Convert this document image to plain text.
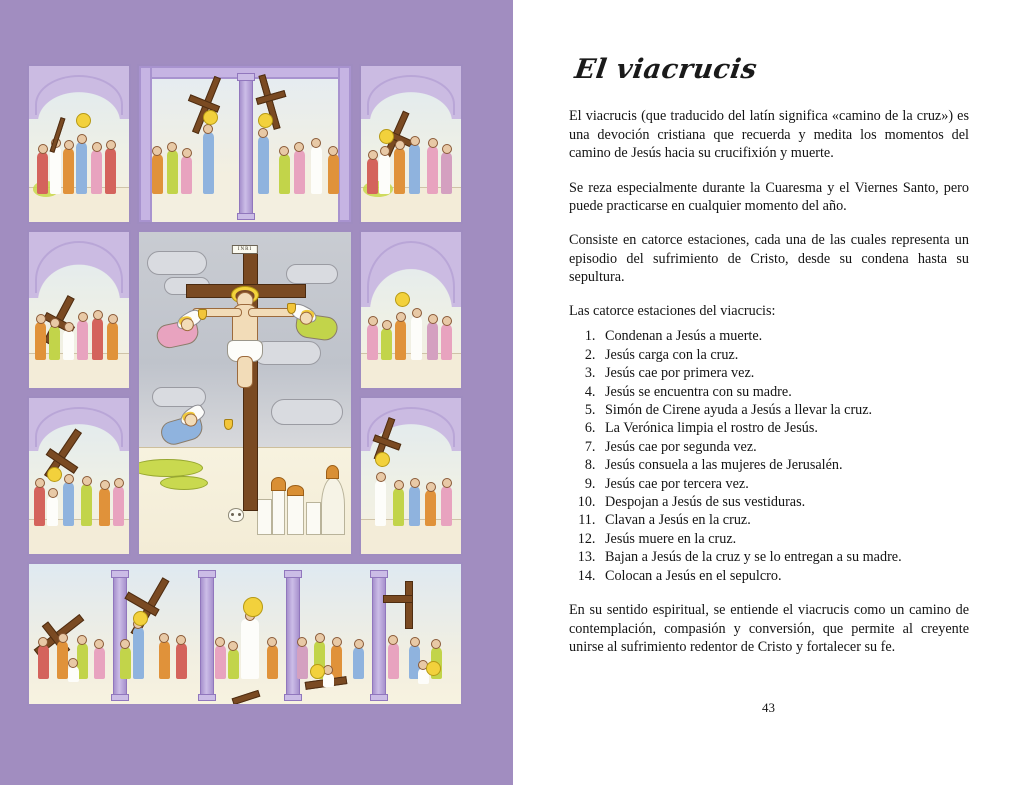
INRI
El viacrucis

El viacrucis (que traducido del latín significa «camino de la cruz») es una devoción cristiana que recuerda y medita los momentos del camino de Jesús hacia su crucifixión y muerte.

Se reza especialmente durante la Cuaresma y el Viernes Santo, pero puede practicarse en cualquier momento del año.

Consiste en catorce estaciones, cada una de las cuales representa un episodio del sufrimiento de Cristo, desde su condena hasta su sepultura.

Las catorce estaciones del viacrucis:

1. Condenan a Jesús a muerte.
2. Jesús carga con la cruz.
3. Jesús cae por primera vez.
4. Jesús se encuentra con su madre.
5. Simón de Cirene ayuda a Jesús a llevar la cruz.
6. La Verónica limpia el rostro de Jesús.
7. Jesús cae por segunda vez.
8. Jesús consuela a las mujeres de Jerusalén.
9. Jesús cae por tercera vez.
10. Despojan a Jesús de sus vestiduras.
11. Clavan a Jesús en la cruz.
12. Jesús muere en la cruz.
13. Bajan a Jesús de la cruz y se lo entregan a su madre.
14. Colocan a Jesús en el sepulcro.

En su sentido espiritual, se entiende el viacrucis como un camino de contemplación, compasión y conversión, que permite al creyente unirse al sufrimiento redentor de Cristo y fortalecer su fe.

43
